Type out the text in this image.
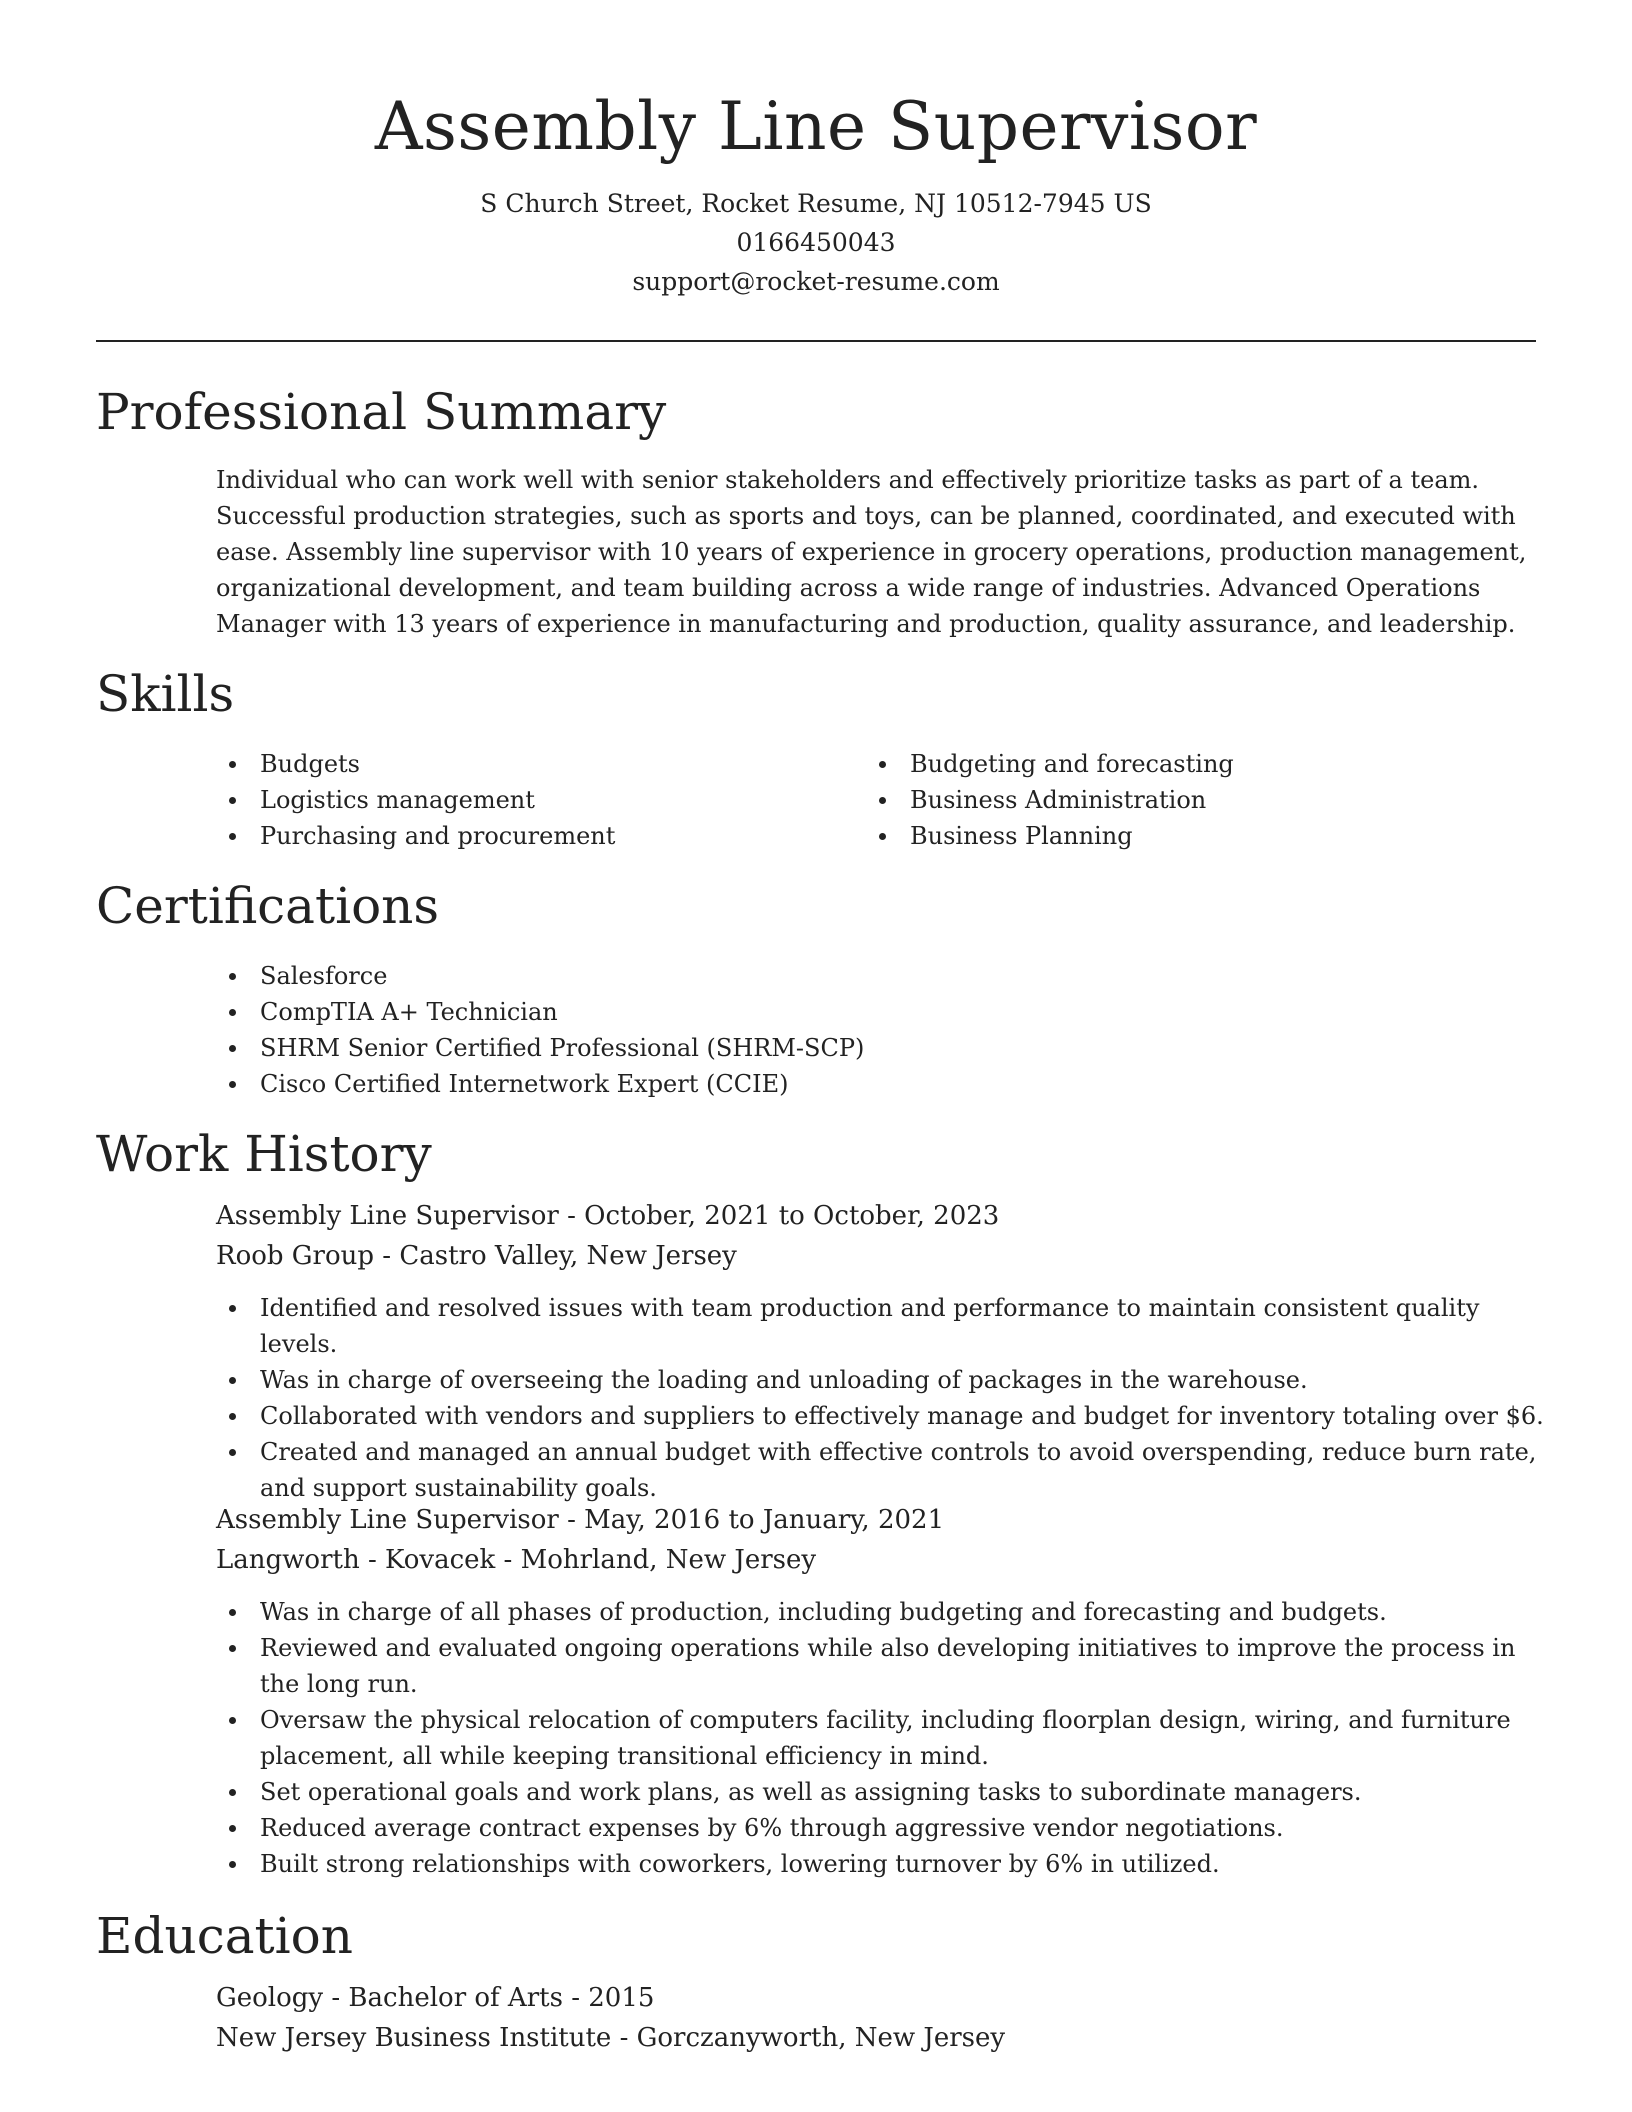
Assembly Line Supervisor
S Church Street, Rocket Resume, NJ 10512-7945 US
0166450043
support@rocket-resume.com
Professional Summary
Individual who can work well with senior stakeholders and effectively prioritize tasks as part of a team. Successful production strategies, such as sports and toys, can be planned, coordinated, and executed with ease. Assembly line supervisor with 10 years of experience in grocery operations, production management, organizational development, and team building across a wide range of industries. Advanced Operations Manager with 13 years of experience in manufacturing and production, quality assurance, and leadership.
Skills
Budgets
Logistics management
Purchasing and procurement
Budgeting and forecasting
Business Administration
Business Planning
Certifications
Salesforce
CompTIA A+ Technician
SHRM Senior Certified Professional (SHRM-SCP)
Cisco Certified Internetwork Expert (CCIE)
Work History
Assembly Line Supervisor - October, 2021 to October, 2023
Roob Group - Castro Valley, New Jersey
Identified and resolved issues with team production and performance to maintain consistent quality levels.
Was in charge of overseeing the loading and unloading of packages in the warehouse.
Collaborated with vendors and suppliers to effectively manage and budget for inventory totaling over $6.
Created and managed an annual budget with effective controls to avoid overspending, reduce burn rate, and support sustainability goals.
Assembly Line Supervisor - May, 2016 to January, 2021
Langworth - Kovacek - Mohrland, New Jersey
Was in charge of all phases of production, including budgeting and forecasting and budgets.
Reviewed and evaluated ongoing operations while also developing initiatives to improve the process in the long run.
Oversaw the physical relocation of computers facility, including floorplan design, wiring, and furniture placement, all while keeping transitional efficiency in mind.
Set operational goals and work plans, as well as assigning tasks to subordinate managers.
Reduced average contract expenses by 6% through aggressive vendor negotiations.
Built strong relationships with coworkers, lowering turnover by 6% in utilized.
Education
Geology - Bachelor of Arts - 2015
New Jersey Business Institute - Gorczanyworth, New Jersey
